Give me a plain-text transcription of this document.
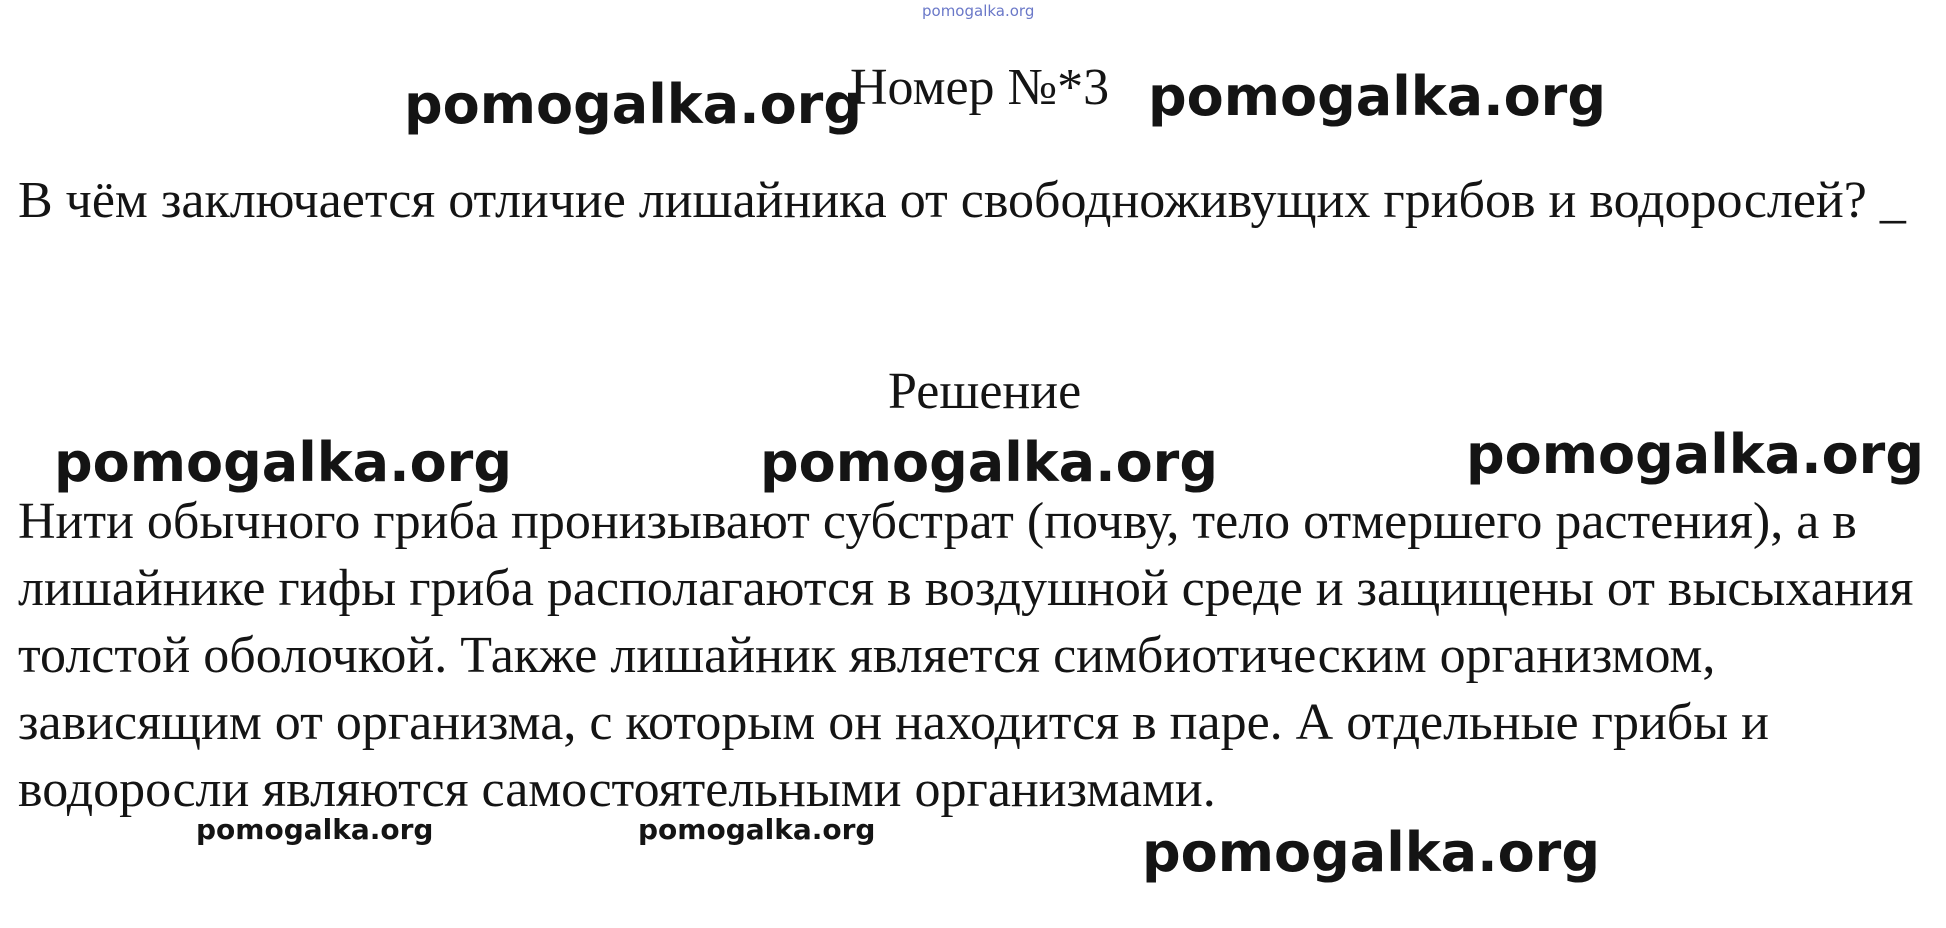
pomogalka.org
pomogalka.org
Номер №*3 pomogalka.org

В чём заключается отличие лишайника от свободноживущих грибов и водорослей? _

Решение
pomogalka.org	pomogalka.org	pomogalka.org

Нити обычного гриба пронизывают субстрат (почву, тело отмершего растения), а в лишайнике гифы гриба располагаются в воздушной среде и защищены от высыхания толстой оболочкой. Также лишайник является симбиотическим организмом, зависящим от организма, с которым он находится в паре. А отдельные грибы и водоросли являются самостоятельными организмами.

pomogalka.org	pomogalka.org	pomogalka.org
